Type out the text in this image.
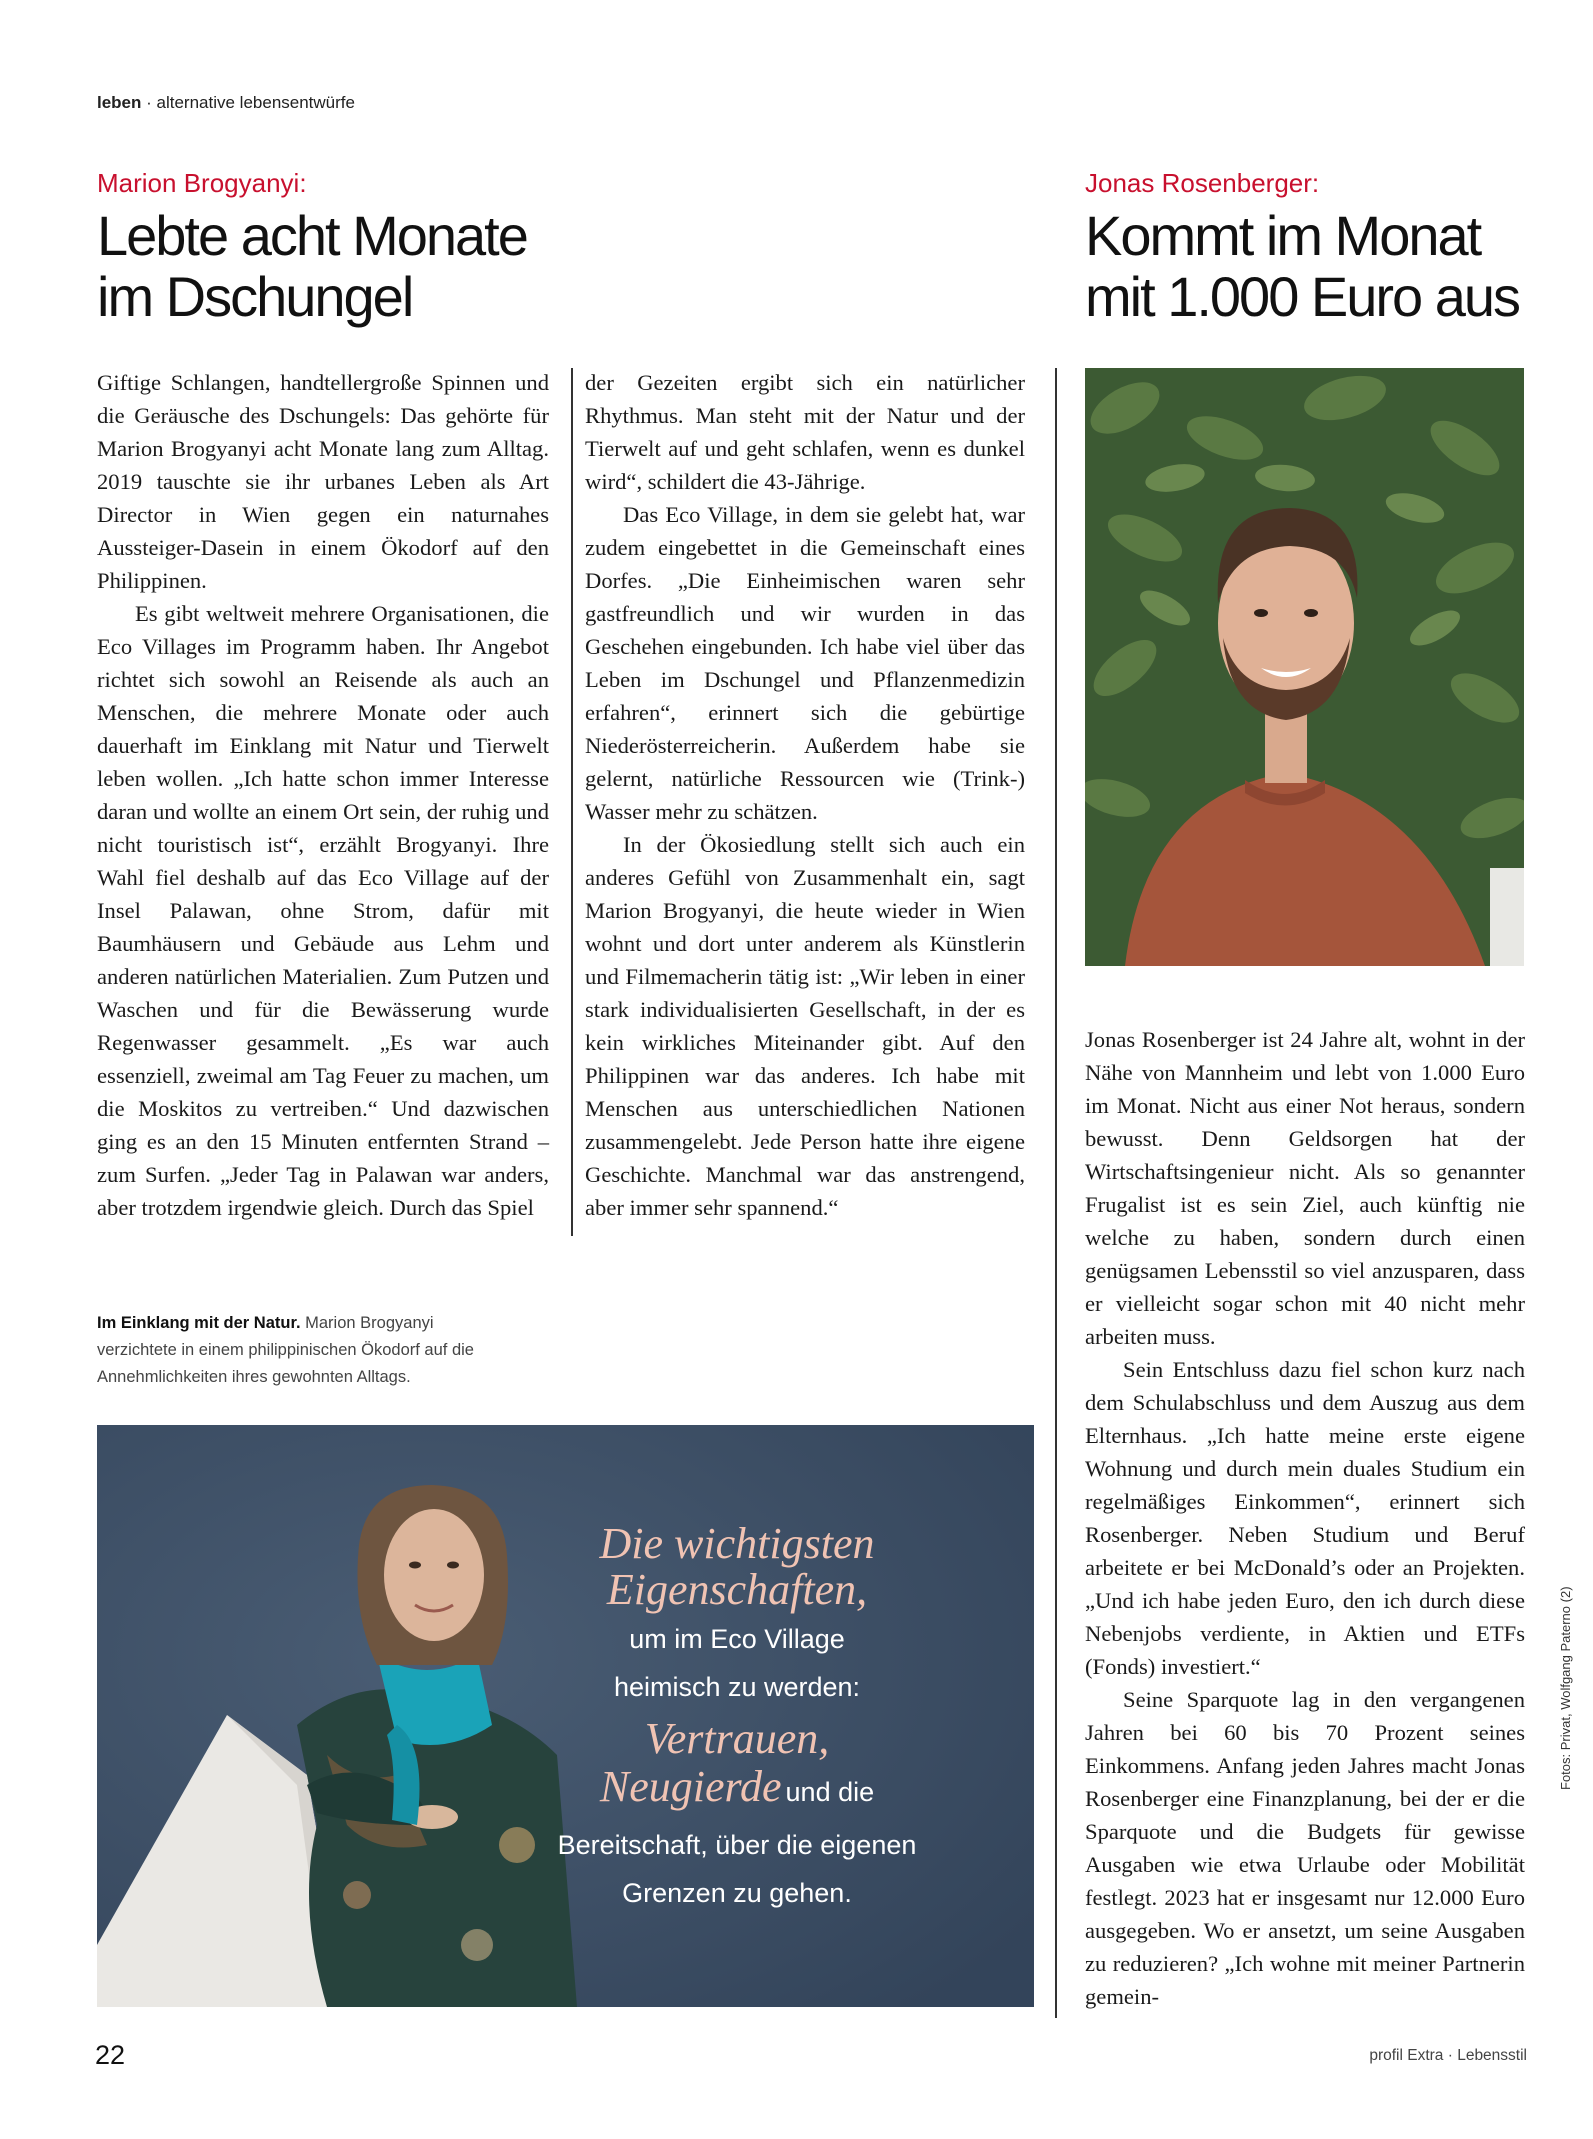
leben · alternative lebensentwürfe
Marion Brogyanyi:
Lebte acht Monate
im Dschungel

Giftige Schlangen, handtellergroße Spinnen und die Geräusche des Dschungels: Das gehörte für Marion Brogyanyi acht Monate lang zum Alltag. 2019 tauschte sie ihr urbanes Leben als Art Director in Wien gegen ein naturnahes Aussteiger-Dasein in einem Ökodorf auf den Philippinen.

Es gibt weltweit mehrere Organisationen, die Eco Villages im Programm haben. Ihr Angebot richtet sich sowohl an Reisende als auch an Menschen, die mehrere Monate oder auch dauerhaft im Einklang mit Natur und Tierwelt leben wollen. „Ich hatte schon immer Interesse daran und wollte an einem Ort sein, der ruhig und nicht touristisch ist“, erzählt Brogyanyi. Ihre Wahl fiel deshalb auf das Eco Village auf der Insel Palawan, ohne Strom, dafür mit Baumhäusern und Gebäude aus Lehm und anderen natürlichen Materialien. Zum Putzen und Waschen und für die Bewässerung wurde Regenwasser gesammelt. „Es war auch essenziell, zweimal am Tag Feuer zu machen, um die Moskitos zu vertreiben.“ Und dazwischen ging es an den 15 Minuten entfernten Strand – zum Surfen. „Jeder Tag in Palawan war anders, aber trotzdem irgendwie gleich. Durch das Spiel

der Gezeiten ergibt sich ein natürlicher Rhythmus. Man steht mit der Natur und der Tierwelt auf und geht schlafen, wenn es dunkel wird“, schildert die 43-Jährige.

Das Eco Village, in dem sie gelebt hat, war zudem eingebettet in die Gemeinschaft eines Dorfes. „Die Einheimischen waren sehr gastfreundlich und wir wurden in das Geschehen eingebunden. Ich habe viel über das Leben im Dschungel und Pflanzenmedizin erfahren“, erinnert sich die gebürtige Niederösterreicherin. Außerdem habe sie gelernt, natürliche Ressourcen wie (Trink-) Wasser mehr zu schätzen.

In der Ökosiedlung stellt sich auch ein anderes Gefühl von Zusammenhalt ein, sagt Marion Brogyanyi, die heute wieder in Wien wohnt und dort unter anderem als Künstlerin und Filmemacherin tätig ist: „Wir leben in einer stark individualisierten Gesellschaft, in der es kein wirkliches Miteinander gibt. Auf den Philippinen war das anderes. Ich habe mit Menschen aus unterschiedlichen Nationen zusammengelebt. Jede Person hatte ihre eigene Geschichte. Manchmal war das anstrengend, aber immer sehr spannend.“

Im Einklang mit der Natur. Marion Brogyanyi verzichtete in einem philippinischen Ökodorf auf die Annehmlichkeiten ihres gewohnten Alltags.
Die wichtigsten
Eigenschaften,
um im Eco Village
heimisch zu werden:
Vertrauen,
Neugierde und die
Bereitschaft, über die eigenen
Grenzen zu gehen.
Jonas Rosenberger:
Kommt im Monat
mit 1.000 Euro aus

Jonas Rosenberger ist 24 Jahre alt, wohnt in der Nähe von Mannheim und lebt von 1.000 Euro im Monat. Nicht aus einer Not heraus, sondern bewusst. Denn Geldsorgen hat der Wirtschaftsingenieur nicht. Als so genannter Frugalist ist es sein Ziel, auch künftig nie welche zu haben, sondern durch einen genügsamen Lebensstil so viel anzusparen, dass er vielleicht sogar schon mit 40 nicht mehr arbeiten muss.

Sein Entschluss dazu fiel schon kurz nach dem Schulabschluss und dem Auszug aus dem Elternhaus. „Ich hatte meine erste eigene Wohnung und durch mein duales Studium ein regelmäßiges Einkommen“, erinnert sich Rosenberger. Neben Studium und Beruf arbeitete er bei McDonald’s oder an Projekten. „Und ich habe jeden Euro, den ich durch diese Nebenjobs verdiente, in Aktien und ETFs (Fonds) investiert.“

Seine Sparquote lag in den vergangenen Jahren bei 60 bis 70 Prozent seines Einkommens. Anfang jeden Jahres macht Jonas Rosenberger eine Finanzplanung, bei der er die Sparquote und die Budgets für gewisse Ausgaben wie etwa Urlaube oder Mobilität festlegt. 2023 hat er insgesamt nur 12.000 Euro ausgegeben. Wo er ansetzt, um seine Ausgaben zu reduzieren? „Ich wohne mit meiner Partnerin gemein-

Fotos: Privat, Wolfgang Paterno (2)
22	profil Extra · Lebensstil
